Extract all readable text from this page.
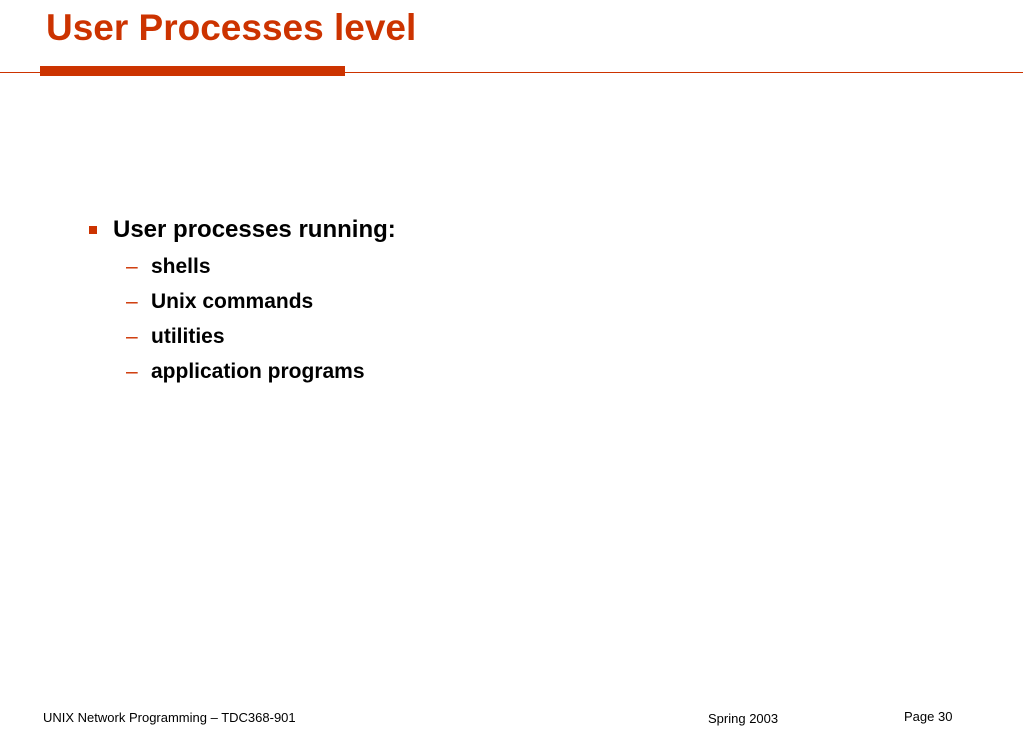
User Processes level
User processes running:
– shells
– Unix commands
– utilities
– application programs
UNIX Network Programming – TDC368-901	Spring 2003	Page 30
